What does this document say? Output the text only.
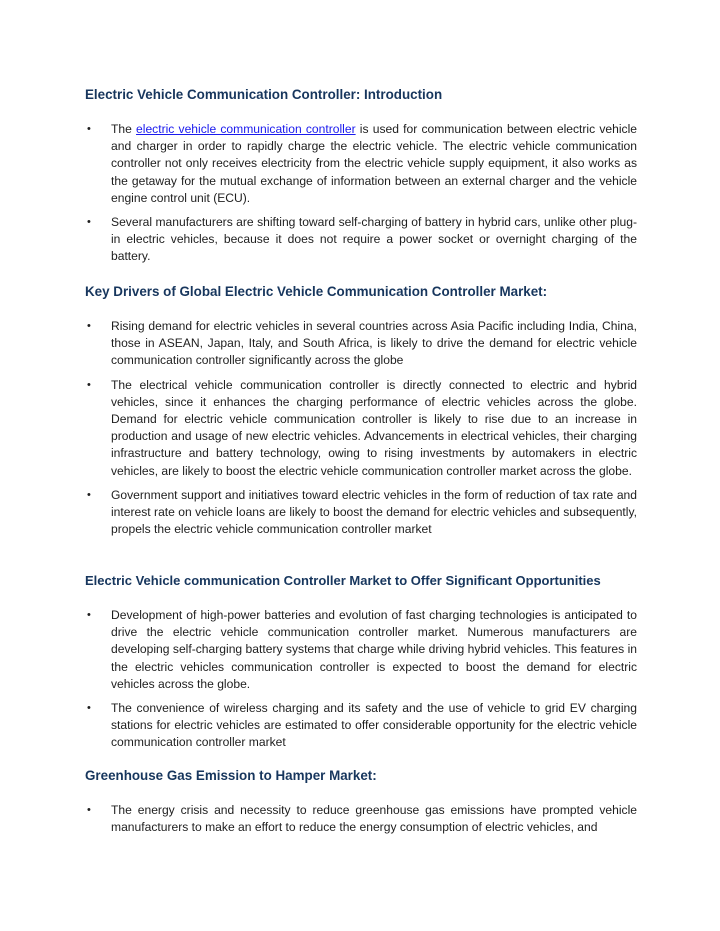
Electric Vehicle Communication Controller: Introduction
• The electric vehicle communication controller is used for communication between electric vehicle and charger in order to rapidly charge the electric vehicle. The electric vehicle communication controller not only receives electricity from the electric vehicle supply equipment, it also works as the getaway for the mutual exchange of information between an external charger and the vehicle engine control unit (ECU).
• Several manufacturers are shifting toward self-charging of battery in hybrid cars, unlike other plug-in electric vehicles, because it does not require a power socket or overnight charging of the battery.
Key Drivers of Global Electric Vehicle Communication Controller Market:
• Rising demand for electric vehicles in several countries across Asia Pacific including India, China, those in ASEAN, Japan, Italy, and South Africa, is likely to drive the demand for electric vehicle communication controller significantly across the globe
• The electrical vehicle communication controller is directly connected to electric and hybrid vehicles, since it enhances the charging performance of electric vehicles across the globe. Demand for electric vehicle communication controller is likely to rise due to an increase in production and usage of new electric vehicles. Advancements in electrical vehicles, their charging infrastructure and battery technology, owing to rising investments by automakers in electric vehicles, are likely to boost the electric vehicle communication controller market across the globe.
• Government support and initiatives toward electric vehicles in the form of reduction of tax rate and interest rate on vehicle loans are likely to boost the demand for electric vehicles and subsequently, propels the electric vehicle communication controller market
Electric Vehicle communication Controller Market to Offer Significant Opportunities
• Development of high-power batteries and evolution of fast charging technologies is anticipated to drive the electric vehicle communication controller market. Numerous manufacturers are developing self-charging battery systems that charge while driving hybrid vehicles. This features in the electric vehicles communication controller is expected to boost the demand for electric vehicles across the globe.
• The convenience of wireless charging and its safety and the use of vehicle to grid EV charging stations for electric vehicles are estimated to offer considerable opportunity for the electric vehicle communication controller market
Greenhouse Gas Emission to Hamper Market:
• The energy crisis and necessity to reduce greenhouse gas emissions have prompted vehicle manufacturers to make an effort to reduce the energy consumption of electric vehicles, and
